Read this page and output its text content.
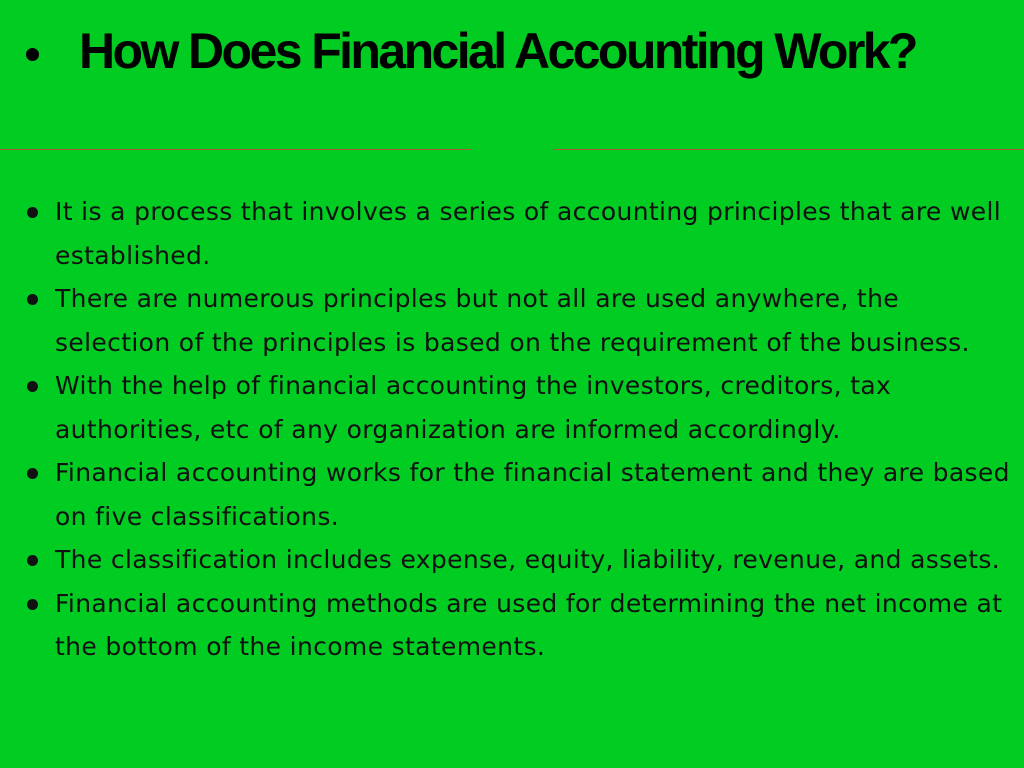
How Does Financial Accounting Work?
It is a process that involves a series of accounting principles that are well established.
There are numerous principles but not all are used anywhere, the selection of the principles is based on the requirement of the business.
With the help of financial accounting the investors, creditors, tax authorities, etc of any organization are informed accordingly.
Financial accounting works for the financial statement and they are based on five classifications.
The classification includes expense, equity, liability, revenue, and assets.
Financial accounting methods are used for determining the net income at the bottom of the income statements.
